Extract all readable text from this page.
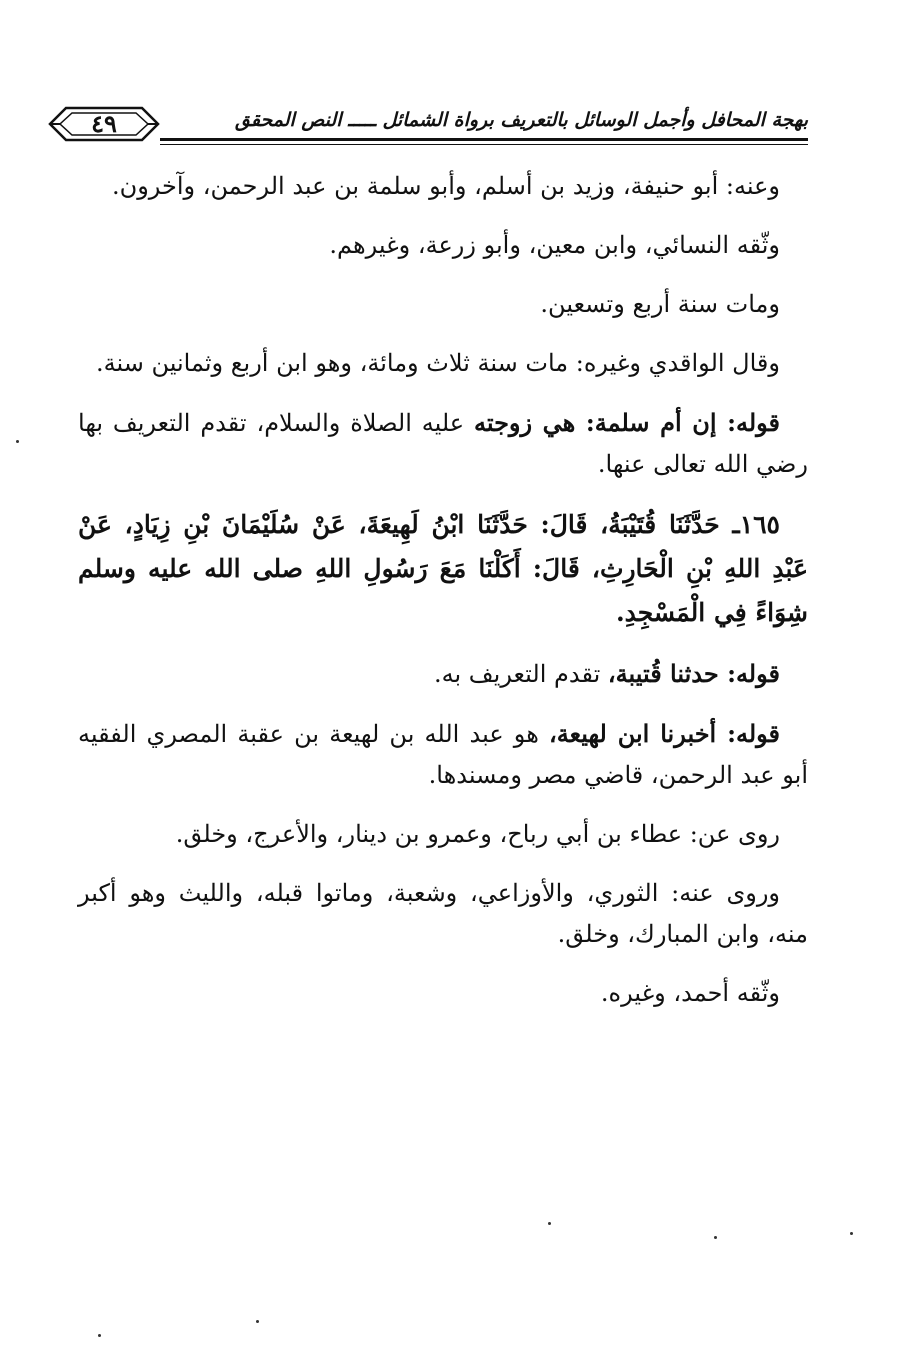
٤٩	بهجة المحافل وأجمل الوسائل بالتعريف برواة الشمائل ـــــ النص المحقق

وعنه: أبو حنيفة، وزيد بن أسلم، وأبو سلمة بن عبد الرحمن، وآخرون.

وثّقه النسائي، وابن معين، وأبو زرعة، وغيرهم.

ومات سنة أربع وتسعين.

وقال الواقدي وغيره: مات سنة ثلاث ومائة، وهو ابن أربع وثمانين سنة.

قوله: إن أم سلمة: هي زوجته عليه الصلاة والسلام، تقدم التعريف بها رضي الله تعالى عنها.

١٦٥ـ حَدَّثَنَا قُتَيْبَةُ، قَالَ: حَدَّثَنَا ابْنُ لَهِيعَةَ، عَنْ سُلَيْمَانَ بْنِ زِيَادٍ، عَنْ عَبْدِ اللهِ بْنِ الْحَارِثِ، قَالَ: أَكَلْنَا مَعَ رَسُولِ اللهِ صلى الله عليه وسلم شِوَاءً فِي الْمَسْجِدِ.

قوله: حدثنا قُتيبة، تقدم التعريف به.

قوله: أخبرنا ابن لهيعة، هو عبد الله بن لهيعة بن عقبة المصري الفقيه أبو عبد الرحمن، قاضي مصر ومسندها.

روى عن: عطاء بن أبي رباح، وعمرو بن دينار، والأعرج، وخلق.

وروى عنه: الثوري، والأوزاعي، وشعبة، وماتوا قبله، والليث وهو أكبر منه، وابن المبارك، وخلق.

وثّقه أحمد، وغيره.
